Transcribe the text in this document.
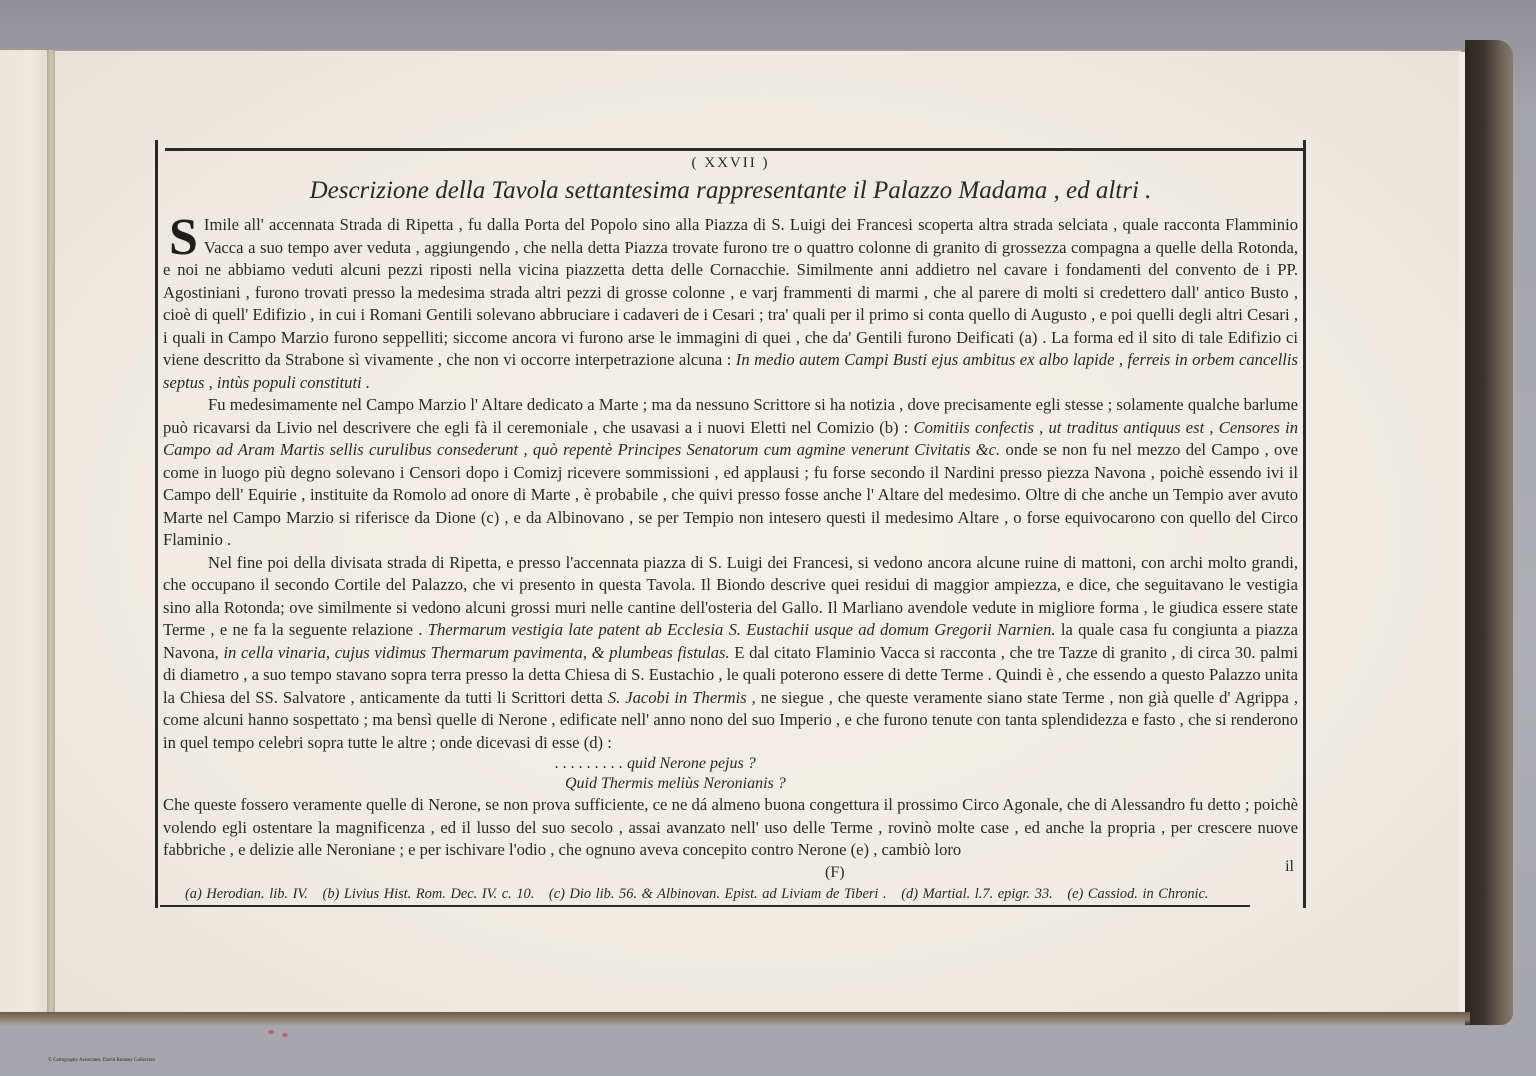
( XXVII )
Descrizione della Tavola settantesima rappresentante il Palazzo Madama , ed altri .

S Imile all' accennata Strada di Ripetta , fu dalla Porta del Popolo sino alla Piazza di S. Luigi dei Francesi scoperta altra strada selciata , quale racconta Flamminio Vacca a suo tempo aver veduta , aggiungendo , che nella detta Piazza trovate furono tre o quattro colonne di granito di grossezza compagna a quelle della Rotonda, e noi ne abbiamo veduti alcuni pezzi riposti nella vicina piazzetta detta delle Cornacchie. Similmente anni addietro nel cavare i fondamenti del convento de i PP. Agostiniani , furono trovati presso la medesima strada altri pezzi di grosse colonne , e varj frammenti di marmi , che al parere di molti si credettero dall' antico Busto , cioè di quell' Edifizio , in cui i Romani Gentili solevano abbruciare i cadaveri de i Cesari ; tra' quali per il primo si conta quello di Augusto , e poi quelli degli altri Cesari , i quali in Campo Marzio furono seppelliti; siccome ancora vi furono arse le immagini di quei , che da' Gentili furono Deificati (a) . La forma ed il sito di tale Edifizio ci viene descritto da Strabone sì vivamente , che non vi occorre interpetrazione alcuna : In medio autem Campi Busti ejus ambitus ex albo lapide , ferreis in orbem cancellis septus , intùs populi constituti .

Fu medesimamente nel Campo Marzio l' Altare dedicato a Marte ; ma da nessuno Scrittore si ha notizia , dove precisamente egli stesse ; solamente qualche barlume può ricavarsi da Livio nel descrivere che egli fà il ceremoniale , che usavasi a i nuovi Eletti nel Comizio (b) : Comitiis confectis , ut traditus antiquus est , Censores in Campo ad Aram Martis sellis curulibus consederunt , quò repentè Principes Senatorum cum agmine venerunt Civitatis &c. onde se non fu nel mezzo del Campo , ove come in luogo più degno solevano i Censori dopo i Comizj ricevere sommissioni , ed applausi ; fu forse secondo il Nardini presso piezza Navona , poichè essendo ivi il Campo dell' Equirie , instituite da Romolo ad onore di Marte , è probabile , che quivi presso fosse anche l' Altare del medesimo. Oltre di che anche un Tempio aver avuto Marte nel Campo Marzio si riferisce da Dione (c) , e da Albinovano , se per Tempio non intesero questi il medesimo Altare , o forse equivocarono con quello del Circo Flaminio .

Nel fine poi della divisata strada di Ripetta, e presso l'accennata piazza di S. Luigi dei Francesi, si vedono ancora alcune ruine di mattoni, con archi molto grandi, che occupano il secondo Cortile del Palazzo, che vi presento in questa Tavola. Il Biondo descrive quei residui di maggior ampiezza, e dice, che seguitavano le vestigia sino alla Rotonda; ove similmente si vedono alcuni grossi muri nelle cantine dell'osteria del Gallo. Il Marliano avendole vedute in migliore forma , le giudica essere state Terme , e ne fa la seguente relazione . Thermarum vestigia late patent ab Ecclesia S. Eustachii usque ad domum Gregorii Narnien. la quale casa fu congiunta a piazza Navona, in cella vinaria, cujus vidimus Thermarum pavimenta, & plumbeas fistulas. E dal citato Flaminio Vacca si racconta , che tre Tazze di granito , di circa 30. palmi di diametro , a suo tempo stavano sopra terra presso la detta Chiesa di S. Eustachio , le quali poterono essere di dette Terme . Quindi è , che essendo a questo Palazzo unita la Chiesa del SS. Salvatore , anticamente da tutti li Scrittori detta S. Jacobi in Thermis , ne siegue , che queste veramente siano state Terme , non già quelle d' Agrippa , come alcuni hanno sospettato ; ma bensì quelle di Nerone , edificate nell' anno nono del suo Imperio , e che furono tenute con tanta splendidezza e fasto , che si renderono in quel tempo celebri sopra tutte le altre ; onde dicevasi di esse (d) :

. . . . . . . . . quid Nerone pejus ?
Quid Thermis meliùs Neronianis ?

Che queste fossero veramente quelle di Nerone, se non prova sufficiente, ce ne dá almeno buona congettura il prossimo Circo Agonale, che di Alessandro fu detto ; poichè volendo egli ostentare la magnificenza , ed il lusso del suo secolo , assai avanzato nell' uso delle Terme , rovinò molte case , ed anche la propria , per crescere nuove fabbriche , e delizie alle Neroniane ; e per ischivare l'odio , che ognuno aveva concepito contro Nerone (e) , cambiò loro

(F)	il
(a) Herodian. lib. IV. (b) Livius Hist. Rom. Dec. IV. c. 10. (c) Dio lib. 56. & Albinovan. Epist. ad Liviam de Tiberi . (d) Martial. l.7. epigr. 33. (e) Cassiod. in Chronic.
© Cartography Associates, David Rumsey Collection
